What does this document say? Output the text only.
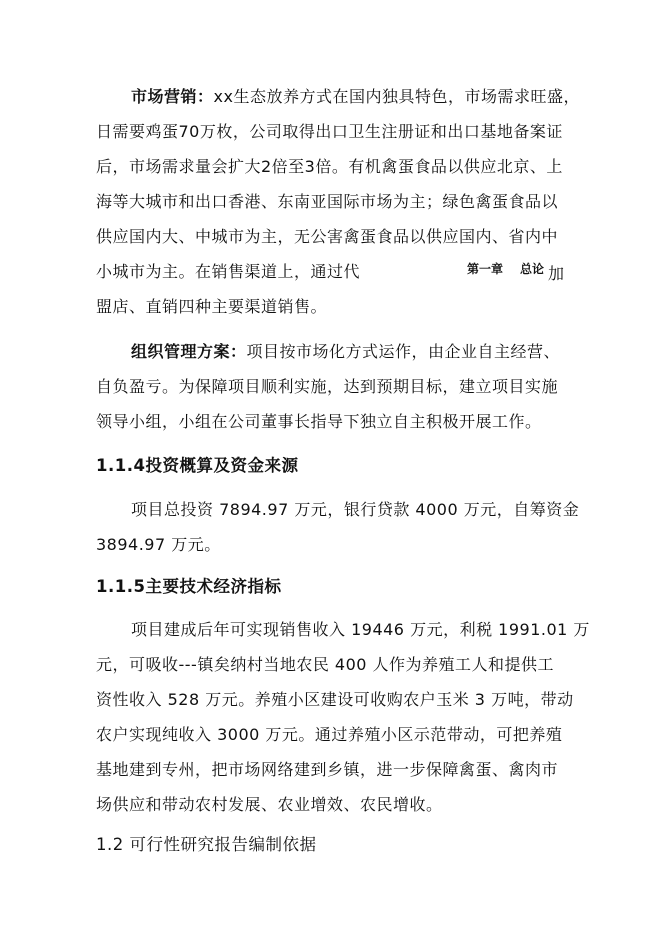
市场营销：xx生态放养方式在国内独具特色，市场需求旺盛，
日需要鸡蛋70万枚，公司取得出口卫生注册证和出口基地备案证
后，市场需求量会扩大2倍至3倍。有机禽蛋食品以供应北京、上
海等大城市和出口香港、东南亚国际市场为主；绿色禽蛋食品以
供应国内大、中城市为主，无公害禽蛋食品以供应国内、省内中
小城市为主。在销售渠道上，通过代	第一章 总论 加
盟店、直销四种主要渠道销售。
组织管理方案：项目按市场化方式运作，由企业自主经营、
自负盈亏。为保障项目顺利实施，达到预期目标，建立项目实施
领导小组，小组在公司董事长指导下独立自主积极开展工作。
1.1.4投资概算及资金来源
项目总投资 7894.97 万元，银行贷款 4000 万元，自筹资金
3894.97 万元。
1.1.5主要技术经济指标
项目建成后年可实现销售收入 19446 万元，利税 1991.01 万
元，可吸收---镇矣纳村当地农民 400 人作为养殖工人和提供工
资性收入 528 万元。养殖小区建设可收购农户玉米 3 万吨，带动
农户实现纯收入 3000 万元。通过养殖小区示范带动，可把养殖
基地建到专州，把市场网络建到乡镇，进一步保障禽蛋、禽肉市
场供应和带动农村发展、农业增效、农民增收。
1.2 可行性研究报告编制依据
